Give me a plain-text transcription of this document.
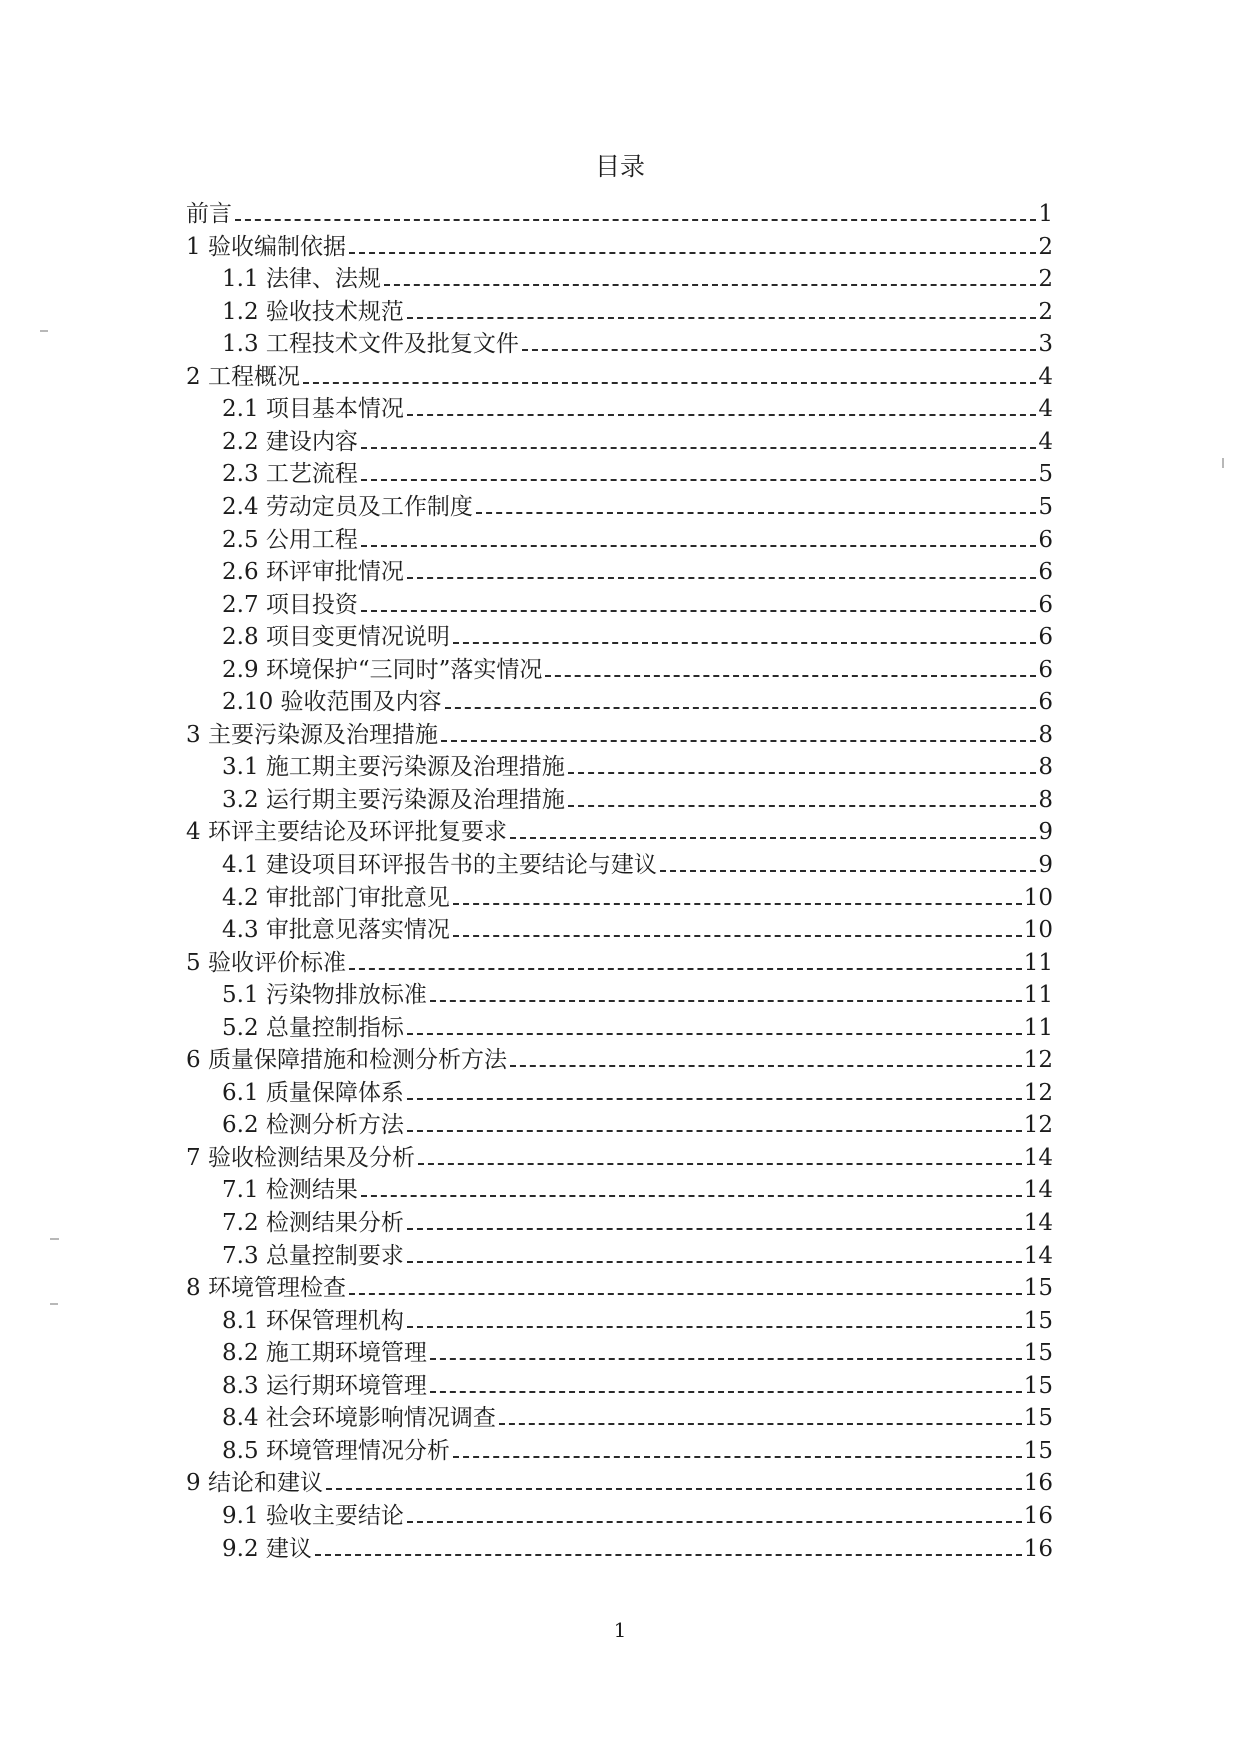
目录
前言	1
1 验收编制依据	2
1.1 法律、法规	2
1.2 验收技术规范	2
1.3 工程技术文件及批复文件	3
2 工程概况	4
2.1 项目基本情况	4
2.2 建设内容	4
2.3 工艺流程	5
2.4 劳动定员及工作制度	5
2.5 公用工程	6
2.6 环评审批情况	6
2.7 项目投资	6
2.8 项目变更情况说明	6
2.9 环境保护“三同时”落实情况	6
2.10 验收范围及内容	6
3 主要污染源及治理措施	8
3.1 施工期主要污染源及治理措施	8
3.2 运行期主要污染源及治理措施	8
4 环评主要结论及环评批复要求	9
4.1 建设项目环评报告书的主要结论与建议	9
4.2 审批部门审批意见	10
4.3 审批意见落实情况	10
5 验收评价标准	11
5.1 污染物排放标准	11
5.2 总量控制指标	11
6 质量保障措施和检测分析方法	12
6.1 质量保障体系	12
6.2 检测分析方法	12
7 验收检测结果及分析	14
7.1 检测结果	14
7.2 检测结果分析	14
7.3 总量控制要求	14
8 环境管理检查	15
8.1 环保管理机构	15
8.2 施工期环境管理	15
8.3 运行期环境管理	15
8.4 社会环境影响情况调查	15
8.5 环境管理情况分析	15
9 结论和建议	16
9.1 验收主要结论	16
9.2 建议	16
1
